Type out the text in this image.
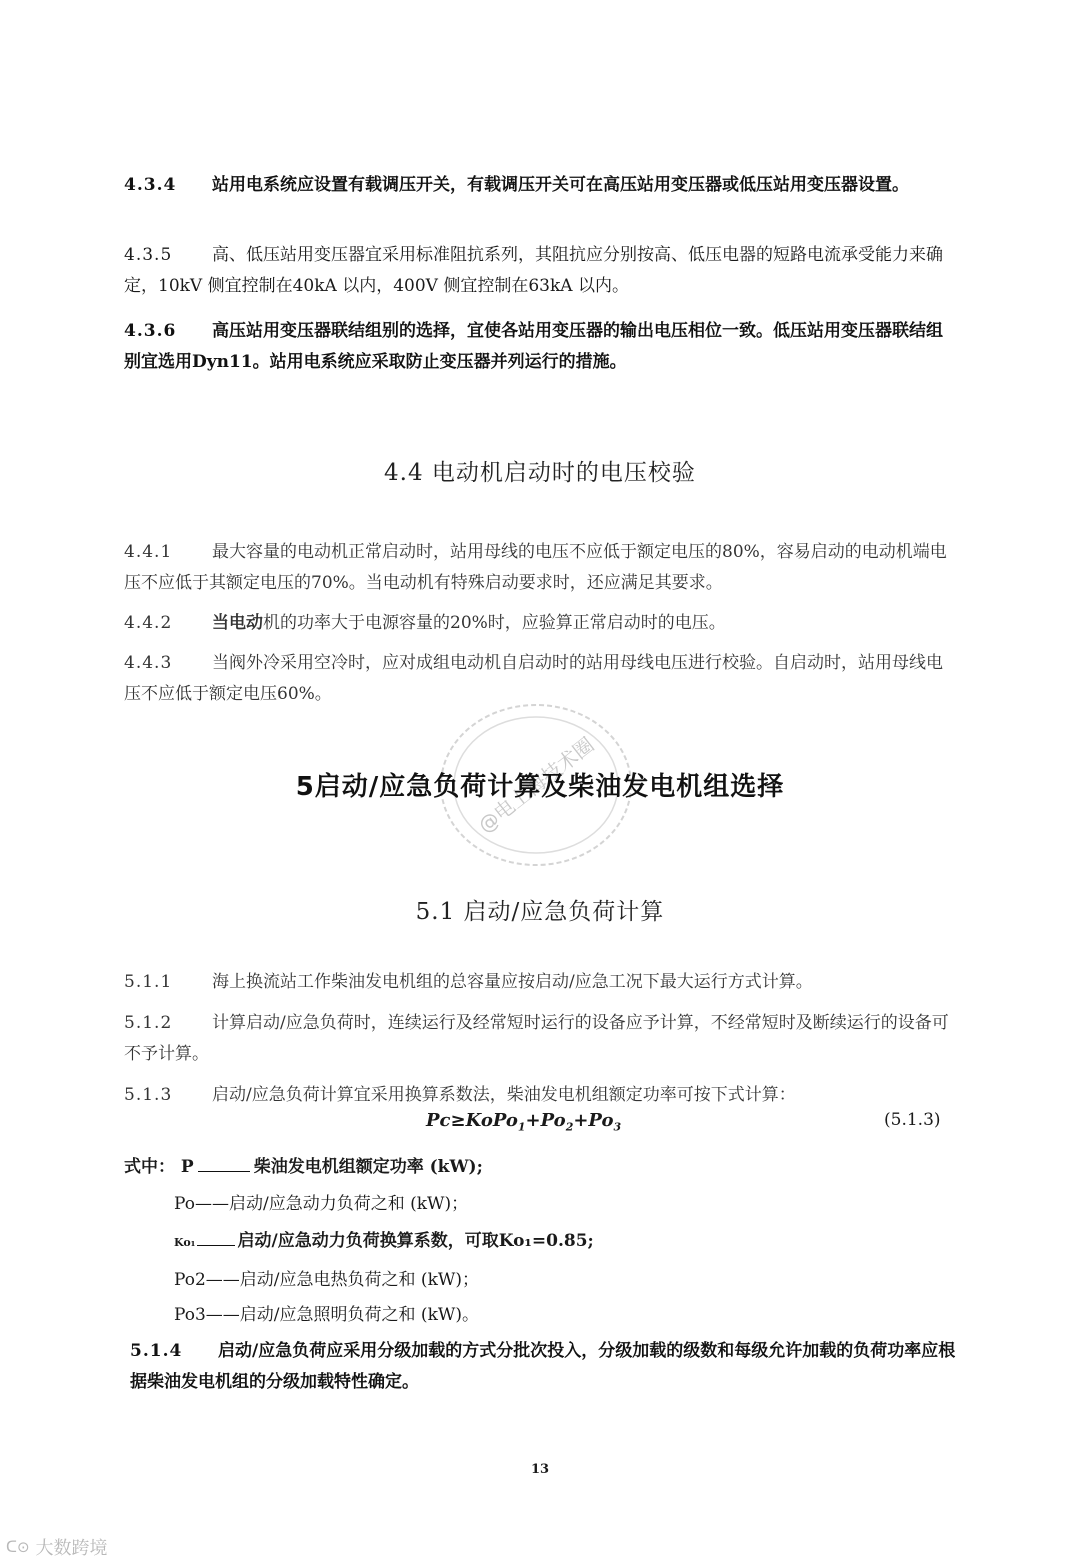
4.3.4 站用电系统应设置有载调压开关，有载调压开关可在高压站用变压器或低压站用变压器设置。
4.3.5 高、低压站用变压器宜采用标准阻抗系列，其阻抗应分别按高、低压电器的短路电流承受能力来确定，10kV 侧宜控制在40kA 以内，400V 侧宜控制在63kA 以内。
4.3.6 高压站用变压器联结组别的选择，宜使各站用变压器的输出电压相位一致。低压站用变压器联结组别宜选用Dyn11。站用电系统应采取防止变压器并列运行的措施。
4.4 电动机启动时的电压校验
4.4.1 最大容量的电动机正常启动时，站用母线的电压不应低于额定电压的80%，容易启动的电动机端电压不应低于其额定电压的70%。当电动机有特殊启动要求时，还应满足其要求。
4.4.2 当电动机的功率大于电源容量的20%时，应验算正常启动时的电压。
4.4.3 当阀外冷采用空冷时，应对成组电动机自启动时的站用母线电压进行校验。自启动时，站用母线电压不应低于额定电压60%。
@电上海技术圈
5启动/应急负荷计算及柴油发电机组选择
5.1 启动/应急负荷计算
5.1.1 海上换流站工作柴油发电机组的总容量应按启动/应急工况下最大运行方式计算。
5.1.2 计算启动/应急负荷时，连续运行及经常短时运行的设备应予计算，不经常短时及断续运行的设备可不予计算。
5.1.3 启动/应急负荷计算宜采用换算系数法，柴油发电机组额定功率可按下式计算：
$Pc\ge KoPo_1+Po_2+Po_3$	(5.1.3)
式中： P	柴油发电机组额定功率 (kW);
Po——启动/应急动力负荷之和 (kW)；
Ko₁ 启动/应急动力负荷换算系数，可取Ko₁=0.85;
Po2——启动/应急电热负荷之和 (kW)；
Po3——启动/应急照明负荷之和 (kW)。
5.1.4 启动/应急负荷应采用分级加载的方式分批次投入，分级加载的级数和每级允许加载的负荷功率应根据柴油发电机组的分级加载特性确定。
13
ᑕ⊙ 大数跨境
